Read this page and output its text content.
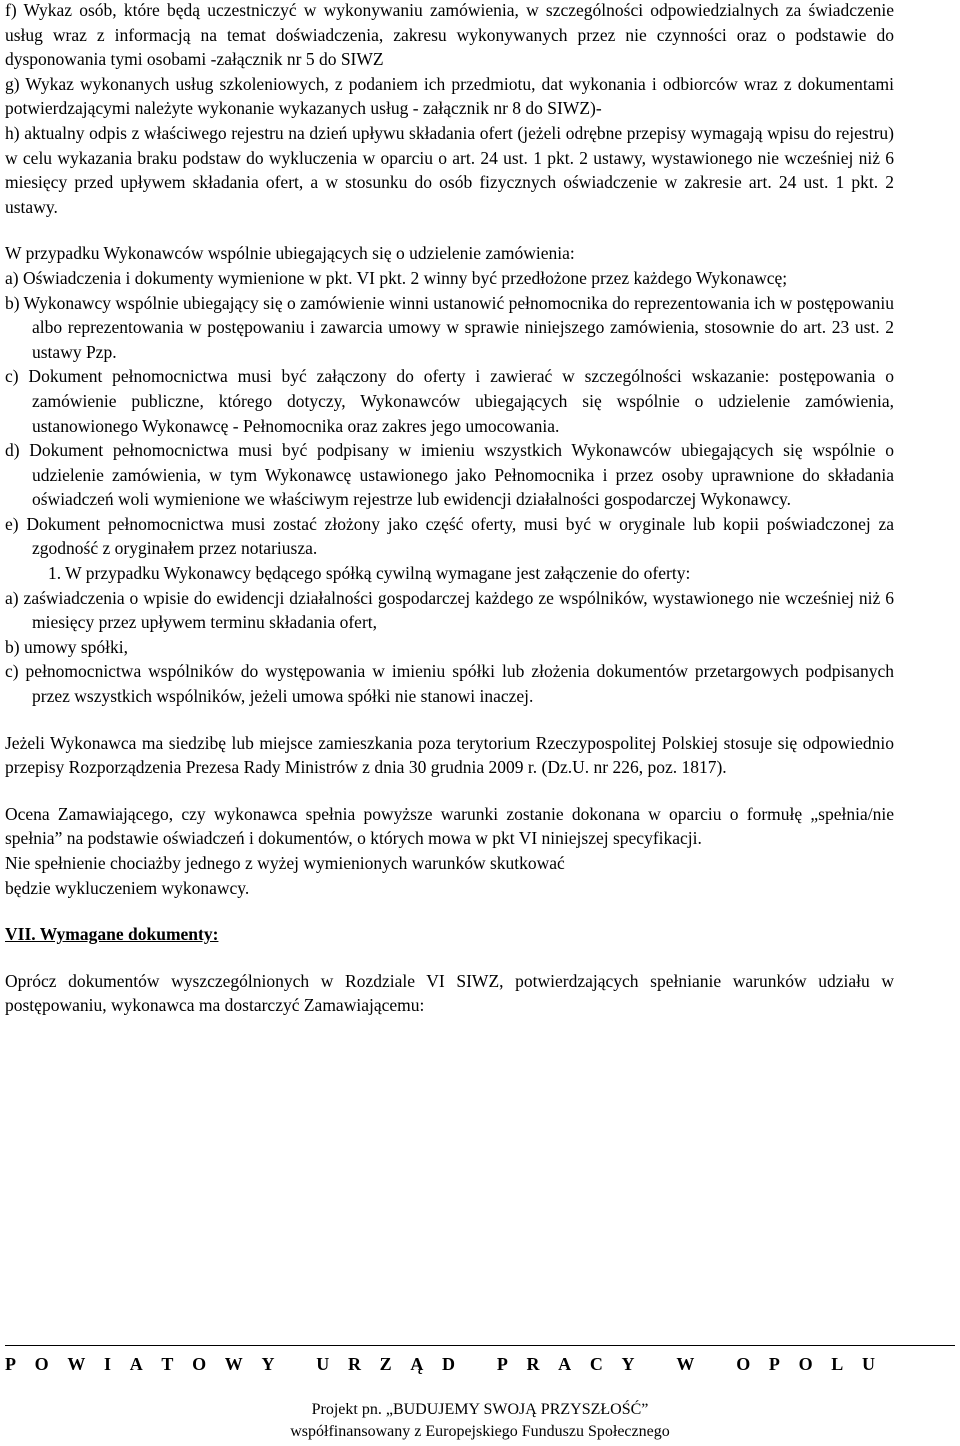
f) Wykaz osób, które będą uczestniczyć w wykonywaniu zamówienia, w szczególności odpowiedzialnych za świadczenie usług wraz z informacją na temat doświadczenia, zakresu wykonywanych przez nie czynności oraz o podstawie do dysponowania tymi osobami -załącznik nr 5 do SIWZ

g) Wykaz wykonanych usług szkoleniowych, z podaniem ich przedmiotu, dat wykonania i odbiorców wraz z dokumentami potwierdzającymi należyte wykonanie wykazanych usług - załącznik nr 8 do SIWZ)-

h) aktualny odpis z właściwego rejestru na dzień upływu składania ofert (jeżeli odrębne przepisy wymagają wpisu do rejestru) w celu wykazania braku podstaw do wykluczenia w oparciu o art. 24 ust. 1 pkt. 2 ustawy, wystawionego nie wcześniej niż 6 miesięcy przed upływem składania ofert, a w stosunku do osób fizycznych oświadczenie w zakresie art. 24 ust. 1 pkt. 2 ustawy.

W przypadku Wykonawców wspólnie ubiegających się o udzielenie zamówienia:

a) Oświadczenia i dokumenty wymienione w pkt. VI pkt. 2 winny być przedłożone przez każdego Wykonawcę;

b) Wykonawcy wspólnie ubiegający się o zamówienie winni ustanowić pełnomocnika do reprezentowania ich w postępowaniu albo reprezentowania w postępowaniu i zawarcia umowy w sprawie niniejszego zamówienia, stosownie do art. 23 ust. 2 ustawy Pzp.

c) Dokument pełnomocnictwa musi być załączony do oferty i zawierać w szczególności wskazanie: postępowania o zamówienie publiczne, którego dotyczy, Wykonawców ubiegających się wspólnie o udzielenie zamówienia, ustanowionego Wykonawcę - Pełnomocnika oraz zakres jego umocowania.

d) Dokument pełnomocnictwa musi być podpisany w imieniu wszystkich Wykonawców ubiegających się wspólnie o udzielenie zamówienia, w tym Wykonawcę ustawionego jako Pełnomocnika i przez osoby uprawnione do składania oświadczeń woli wymienione we właściwym rejestrze lub ewidencji działalności gospodarczej Wykonawcy.

e) Dokument pełnomocnictwa musi zostać złożony jako część oferty, musi być w oryginale lub kopii poświadczonej za zgodność z oryginałem przez notariusza.

1. W przypadku Wykonawcy będącego spółką cywilną wymagane jest załączenie do oferty:

a) zaświadczenia o wpisie do ewidencji działalności gospodarczej każdego ze wspólników, wystawionego nie wcześniej niż 6 miesięcy przez upływem terminu składania ofert,

b) umowy spółki,

c) pełnomocnictwa wspólników do występowania w imieniu spółki lub złożenia dokumentów przetargowych podpisanych przez wszystkich wspólników, jeżeli umowa spółki nie stanowi inaczej.

Jeżeli Wykonawca ma siedzibę lub miejsce zamieszkania poza terytorium Rzeczypospolitej Polskiej stosuje się odpowiednio przepisy Rozporządzenia Prezesa Rady Ministrów z dnia 30 grudnia 2009 r. (Dz.U. nr 226, poz. 1817).

Ocena Zamawiającego, czy wykonawca spełnia powyższe warunki zostanie dokonana w oparciu o formułę „spełnia/nie spełnia” na podstawie oświadczeń i dokumentów, o których mowa w pkt VI niniejszej specyfikacji.

Nie spełnienie chociażby jednego z wyżej wymienionych warunków skutkować

będzie wykluczeniem wykonawcy.

VII. Wymagane dokumenty:

Oprócz dokumentów wyszczególnionych w Rozdziale VI SIWZ, potwierdzających spełnianie warunków udziału w postępowaniu, wykonawca ma dostarczyć Zamawiającemu:

P O W I A T O W Y
U R Z Ą D
P R A C Y
W
O P O L U
Projekt pn. „BUDUJEMY SWOJĄ PRZYSZŁOŚĆ”
współfinansowany z Europejskiego Funduszu Społecznego
